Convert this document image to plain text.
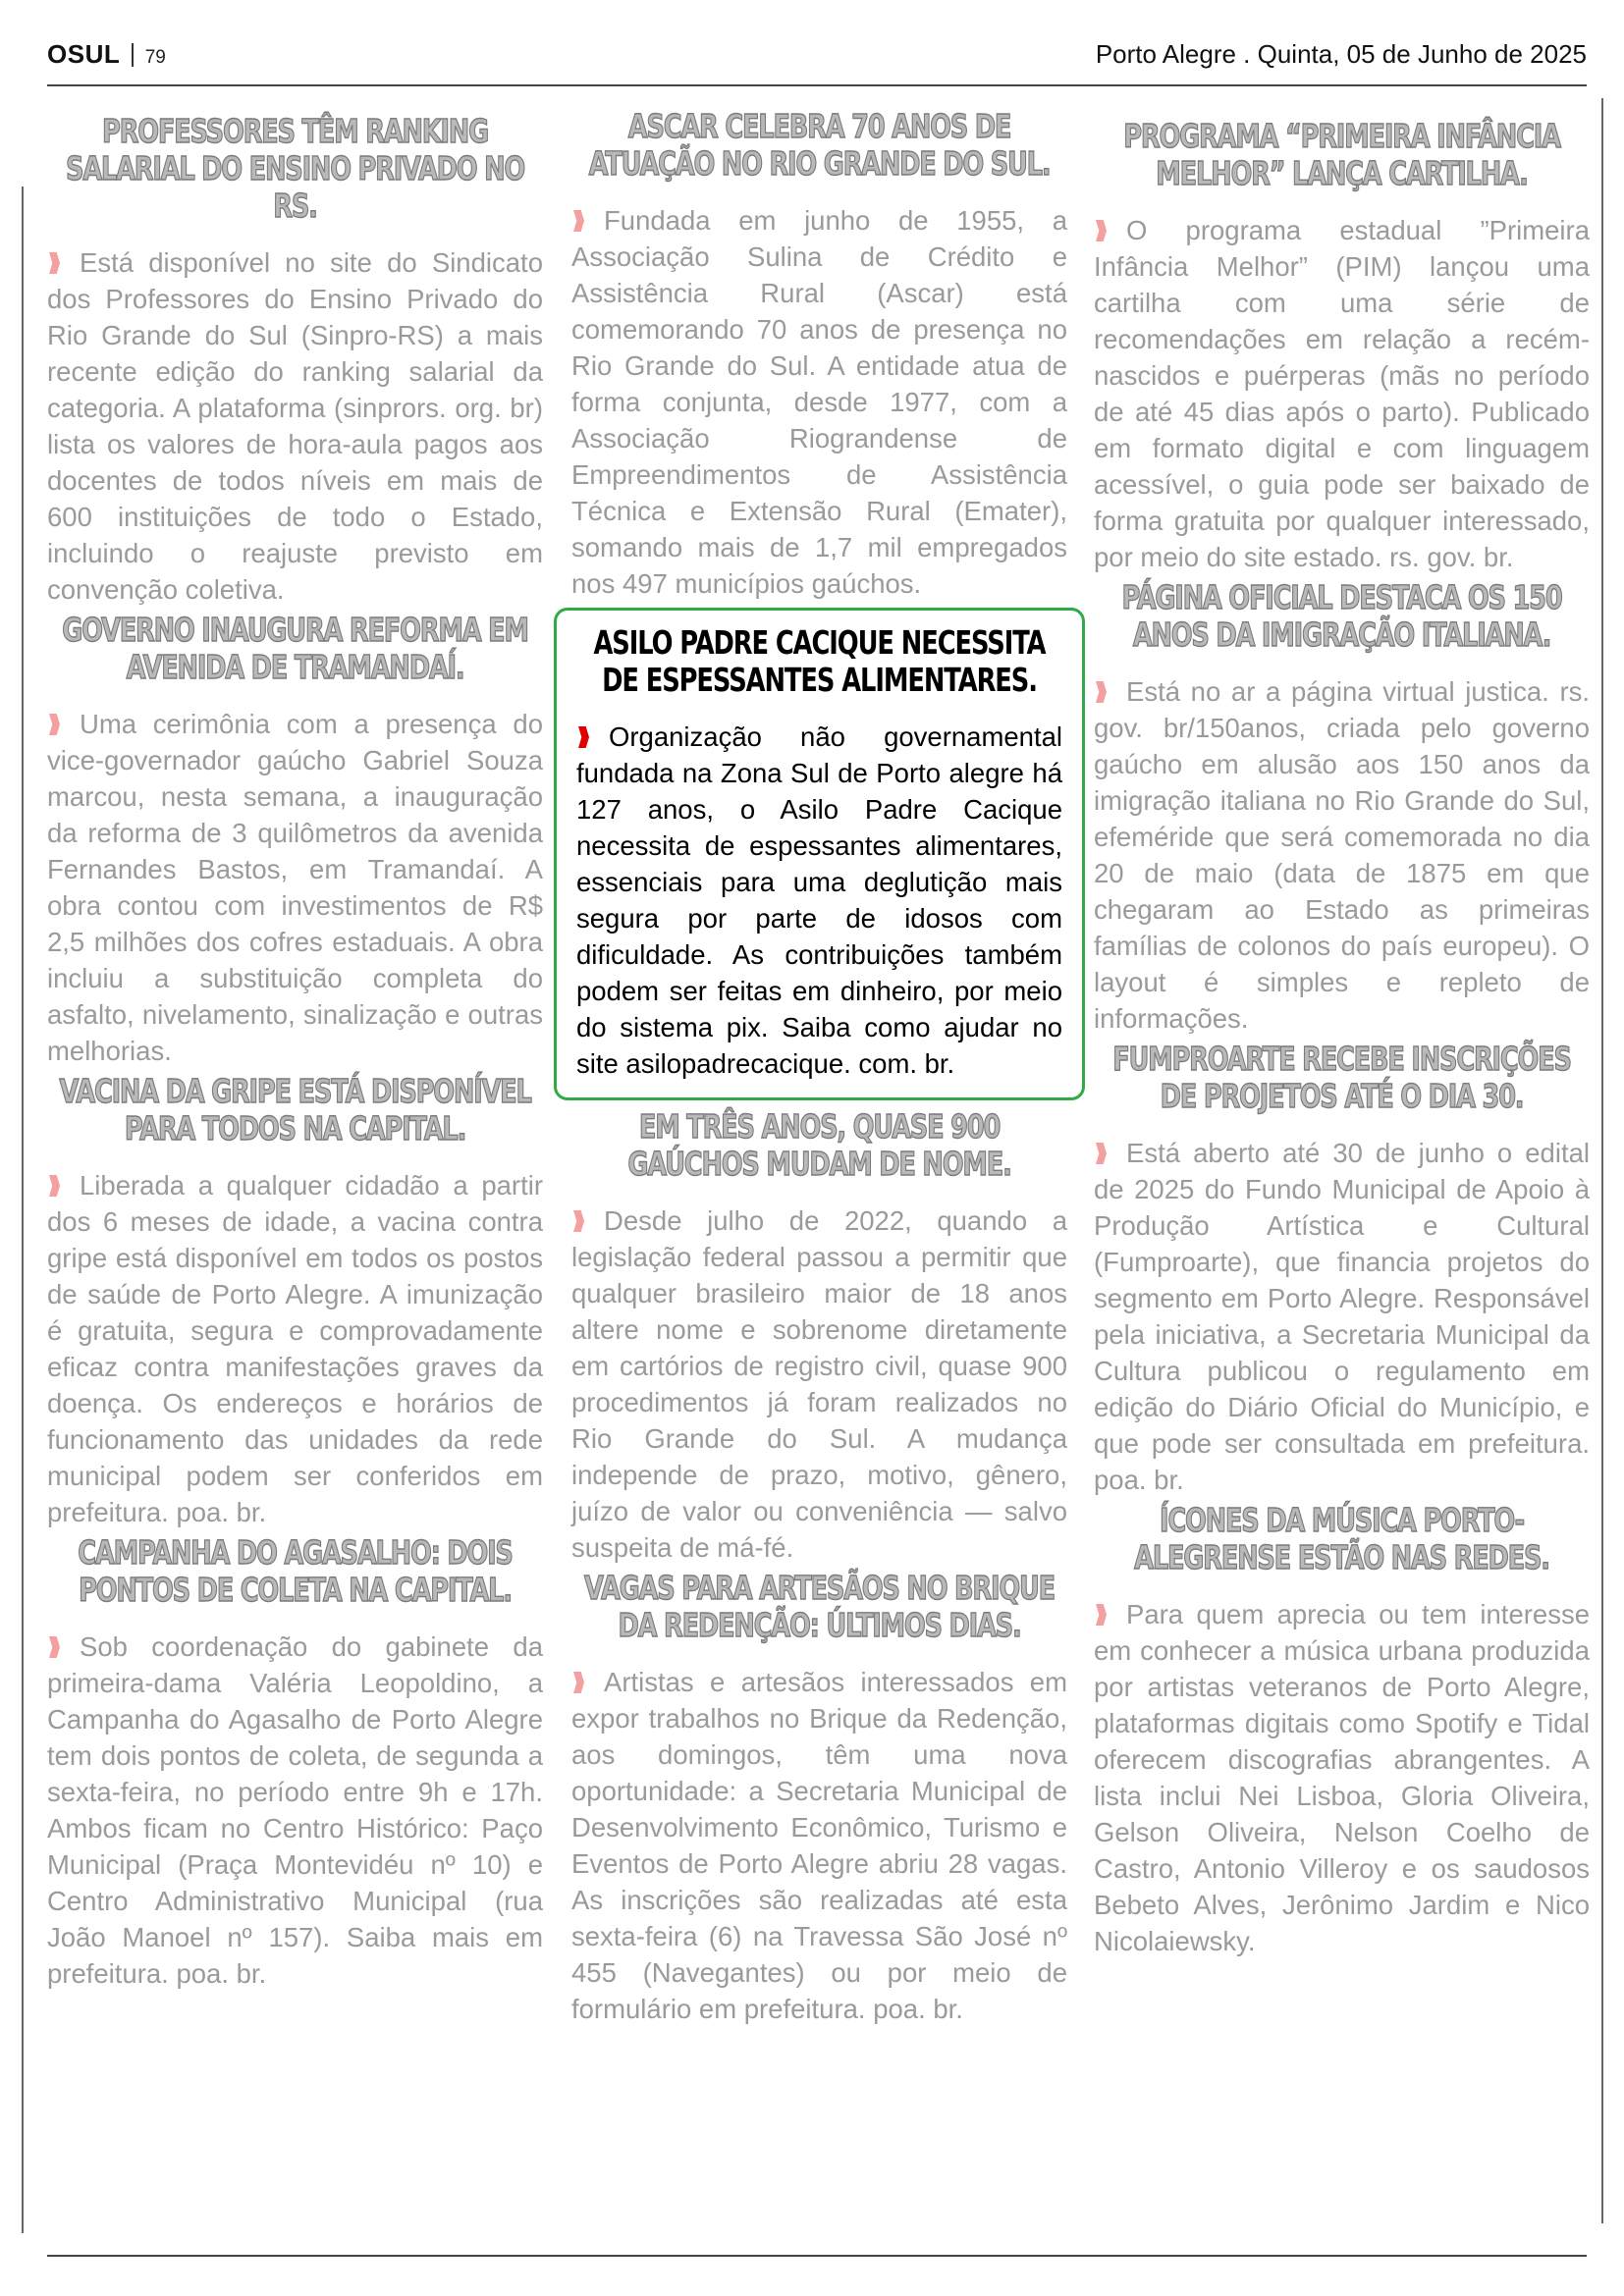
OSUL 79	Porto Alegre . Quinta, 05 de Junho de 2025
PROFESSORES TÊM RANKING SALARIAL DO ENSINO PRIVADO NO RS.

Está disponível no site do Sindicato dos Professores do Ensino Privado do Rio Grande do Sul (Sinpro-RS) a mais recente edição do ranking salarial da categoria. A plataforma (sinprors. org. br) lista os valores de hora-aula pagos aos docentes de todos níveis em mais de 600 instituições de todo o Estado, incluindo o reajuste previsto em convenção coletiva.

GOVERNO INAUGURA REFORMA EM AVENIDA DE TRAMANDAÍ.

Uma cerimônia com a presença do vice-governador gaúcho Gabriel Souza marcou, nesta semana, a inauguração da reforma de 3 quilômetros da avenida Fernandes Bastos, em Tramandaí. A obra contou com investimentos de R$ 2,5 milhões dos cofres estaduais. A obra incluiu a substituição completa do asfalto, nivelamento, sinalização e outras melhorias.

VACINA DA GRIPE ESTÁ DISPONÍVEL PARA TODOS NA CAPITAL.

Liberada a qualquer cidadão a partir dos 6 meses de idade, a vacina contra gripe está disponível em todos os postos de saúde de Porto Alegre. A imunização é gratuita, segura e comprovadamente eficaz contra manifestações graves da doença. Os endereços e horários de funcionamento das unidades da rede municipal podem ser conferidos em prefeitura. poa. br.

CAMPANHA DO AGASALHO: DOIS PONTOS DE COLETA NA CAPITAL.

Sob coordenação do gabinete da primeira-dama Valéria Leopoldino, a Campanha do Agasalho de Porto Alegre tem dois pontos de coleta, de segunda a sexta-feira, no período entre 9h e 17h. Ambos ficam no Centro Histórico: Paço Municipal (Praça Montevidéu nº 10) e Centro Administrativo Municipal (rua João Manoel nº 157). Saiba mais em prefeitura. poa. br.

ASCAR CELEBRA 70 ANOS DE ATUAÇÃO NO RIO GRANDE DO SUL.

Fundada em junho de 1955, a Associação Sulina de Crédito e Assistência Rural (Ascar) está comemorando 70 anos de presença no Rio Grande do Sul. A entidade atua de forma conjunta, desde 1977, com a Associação Riograndense de Empreendimentos de Assistência Técnica e Extensão Rural (Emater), somando mais de 1,7 mil empregados nos 497 municípios gaúchos.

ASILO PADRE CACIQUE NECESSITA DE ESPESSANTES ALIMENTARES.

Organização não governamental fundada na Zona Sul de Porto alegre há 127 anos, o Asilo Padre Cacique necessita de espessantes alimentares, essenciais para uma deglutição mais segura por parte de idosos com dificuldade. As contribuições também podem ser feitas em dinheiro, por meio do sistema pix. Saiba como ajudar no site asilopadrecacique. com. br.

EM TRÊS ANOS, QUASE 900 GAÚCHOS MUDAM DE NOME.

Desde julho de 2022, quando a legislação federal passou a permitir que qualquer brasileiro maior de 18 anos altere nome e sobrenome diretamente em cartórios de registro civil, quase 900 procedimentos já foram realizados no Rio Grande do Sul. A mudança independe de prazo, motivo, gênero, juízo de valor ou conveniência — salvo suspeita de má-fé.

VAGAS PARA ARTESÃOS NO BRIQUE DA REDENÇÃO: ÚLTIMOS DIAS.

Artistas e artesãos interessados em expor trabalhos no Brique da Redenção, aos domingos, têm uma nova oportunidade: a Secretaria Municipal de Desenvolvimento Econômico, Turismo e Eventos de Porto Alegre abriu 28 vagas. As inscrições são realizadas até esta sexta-feira (6) na Travessa São José nº 455 (Navegantes) ou por meio de formulário em prefeitura. poa. br.

PROGRAMA “PRIMEIRA INFÂNCIA MELHOR” LANÇA CARTILHA.

O programa estadual ”Primeira Infância Melhor” (PIM) lançou uma cartilha com uma série de recomendações em relação a recém-nascidos e puérperas (mãs no período de até 45 dias após o parto). Publicado em formato digital e com linguagem acessível, o guia pode ser baixado de forma gratuita por qualquer interessado, por meio do site estado. rs. gov. br.

PÁGINA OFICIAL DESTACA OS 150 ANOS DA IMIGRAÇÃO ITALIANA.

Está no ar a página virtual justica. rs. gov. br/150anos, criada pelo governo gaúcho em alusão aos 150 anos da imigração italiana no Rio Grande do Sul, efeméride que será comemorada no dia 20 de maio (data de 1875 em que chegaram ao Estado as primeiras famílias de colonos do país europeu). O layout é simples e repleto de informações.

FUMPROARTE RECEBE INSCRIÇÕES DE PROJETOS ATÉ O DIA 30.

Está aberto até 30 de junho o edital de 2025 do Fundo Municipal de Apoio à Produção Artística e Cultural (Fumproarte), que financia projetos do segmento em Porto Alegre. Responsável pela iniciativa, a Secretaria Municipal da Cultura publicou o regulamento em edição do Diário Oficial do Município, e que pode ser consultada em prefeitura. poa. br.

ÍCONES DA MÚSICA PORTO-ALEGRENSE ESTÃO NAS REDES.

Para quem aprecia ou tem interesse em conhecer a música urbana produzida por artistas veteranos de Porto Alegre, plataformas digitais como Spotify e Tidal oferecem discografias abrangentes. A lista inclui Nei Lisboa, Gloria Oliveira, Gelson Oliveira, Nelson Coelho de Castro, Antonio Villeroy e os saudosos Bebeto Alves, Jerônimo Jardim e Nico Nicolaiewsky.
